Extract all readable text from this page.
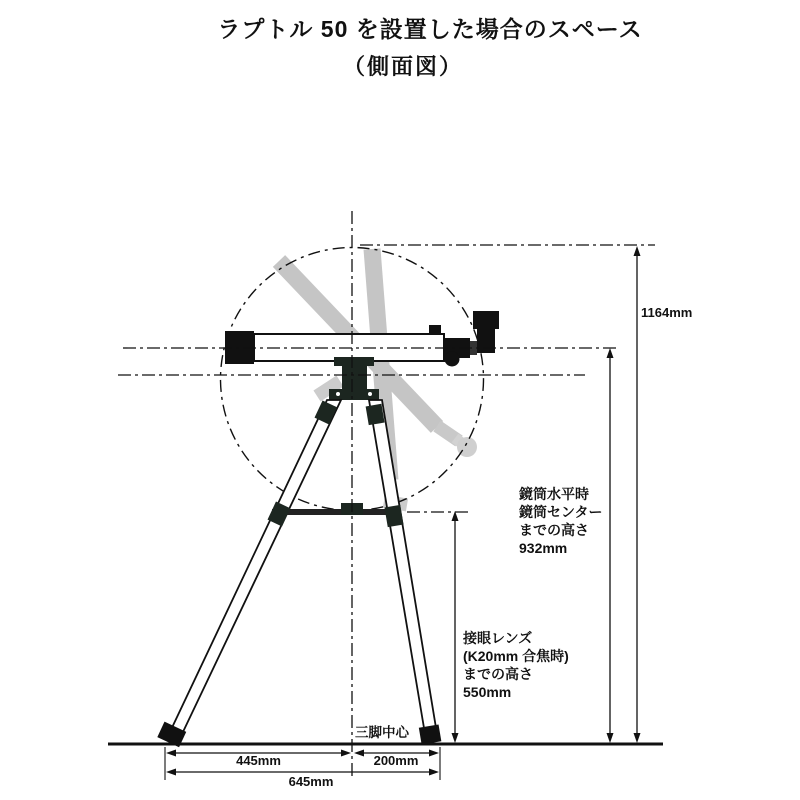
ラプトル 50 を設置した場合のスペース
（側面図）
1164mm
鏡筒水平時
鏡筒センター
までの高さ
932mm
接眼レンズ
(K20mm 合焦時)
までの高さ
550mm
三脚中心
445mm	200mm
645mm
